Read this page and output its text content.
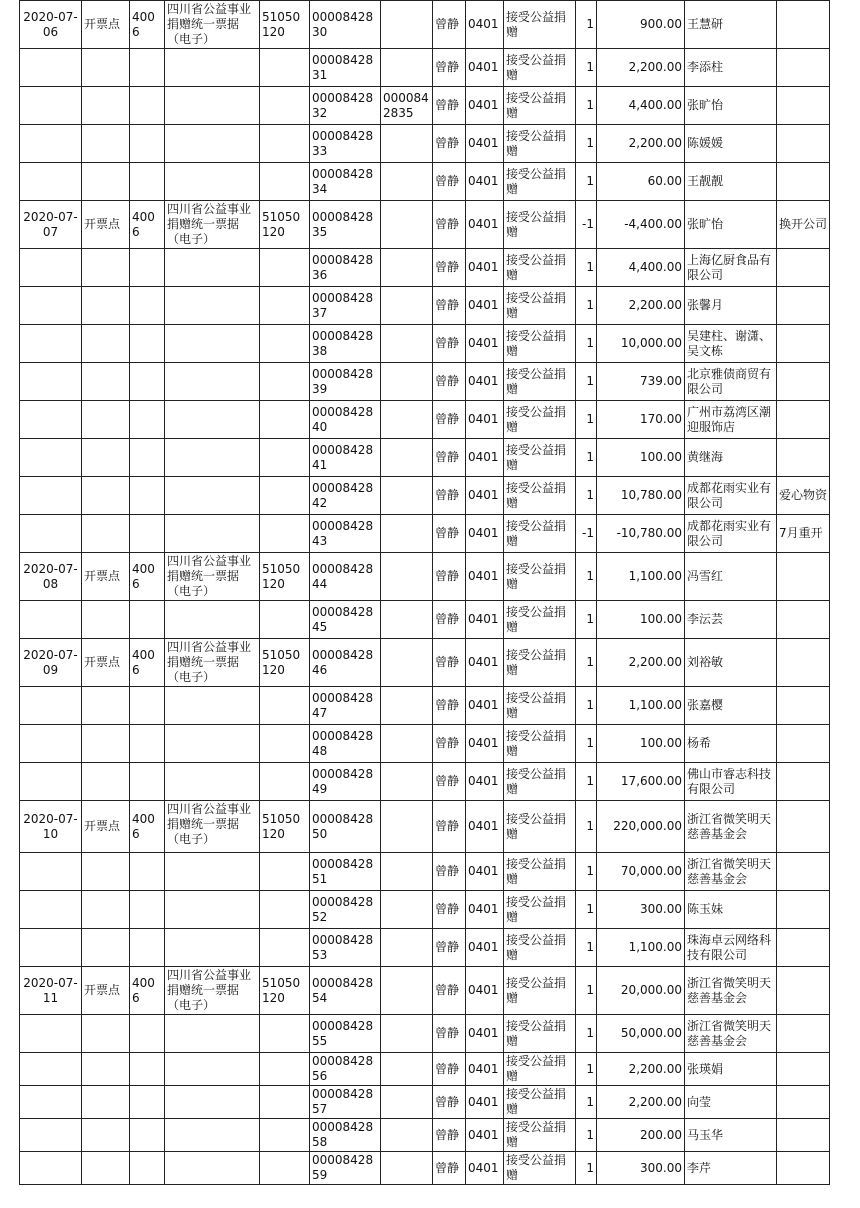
2020-07-06	开票点	4006	四川省公益事业捐赠统一票据（电子）	51050120	0000842830		曾静	0401	接受公益捐赠	1	900.00	王慧研	
					0000842831		曾静	0401	接受公益捐赠	1	2,200.00	李添柱	
					0000842832	0000842835	曾静	0401	接受公益捐赠	1	4,400.00	张旷怡	
					0000842833		曾静	0401	接受公益捐赠	1	2,200.00	陈媛媛	
					0000842834		曾静	0401	接受公益捐赠	1	60.00	王靓靓	
2020-07-07	开票点	4006	四川省公益事业捐赠统一票据（电子）	51050120	0000842835		曾静	0401	接受公益捐赠	-1	-4,400.00	张旷怡	换开公司
					0000842836		曾静	0401	接受公益捐赠	1	4,400.00	上海亿厨食品有限公司	
					0000842837		曾静	0401	接受公益捐赠	1	2,200.00	张馨月	
					0000842838		曾静	0401	接受公益捐赠	1	10,000.00	吴建柱、谢潇、吴文栋	
					0000842839		曾静	0401	接受公益捐赠	1	739.00	北京雅债商贸有限公司	
					0000842840		曾静	0401	接受公益捐赠	1	170.00	广州市荔湾区潮迎服饰店	
					0000842841		曾静	0401	接受公益捐赠	1	100.00	黄继海	
					0000842842		曾静	0401	接受公益捐赠	1	10,780.00	成都花雨实业有限公司	爱心物资
					0000842843		曾静	0401	接受公益捐赠	-1	-10,780.00	成都花雨实业有限公司	7月重开
2020-07-08	开票点	4006	四川省公益事业捐赠统一票据（电子）	51050120	0000842844		曾静	0401	接受公益捐赠	1	1,100.00	冯雪红	
					0000842845		曾静	0401	接受公益捐赠	1	100.00	李沄芸	
2020-07-09	开票点	4006	四川省公益事业捐赠统一票据（电子）	51050120	0000842846		曾静	0401	接受公益捐赠	1	2,200.00	刘裕敏	
					0000842847		曾静	0401	接受公益捐赠	1	1,100.00	张嘉樱	
					0000842848		曾静	0401	接受公益捐赠	1	100.00	杨希	
					0000842849		曾静	0401	接受公益捐赠	1	17,600.00	佛山市睿志科技有限公司	
2020-07-10	开票点	4006	四川省公益事业捐赠统一票据（电子）	51050120	0000842850		曾静	0401	接受公益捐赠	1	220,000.00	浙江省微笑明天慈善基金会	
					0000842851		曾静	0401	接受公益捐赠	1	70,000.00	浙江省微笑明天慈善基金会	
					0000842852		曾静	0401	接受公益捐赠	1	300.00	陈玉妹	
					0000842853		曾静	0401	接受公益捐赠	1	1,100.00	珠海卓云网络科技有限公司	
2020-07-11	开票点	4006	四川省公益事业捐赠统一票据（电子）	51050120	0000842854		曾静	0401	接受公益捐赠	1	20,000.00	浙江省微笑明天慈善基金会	
					0000842855		曾静	0401	接受公益捐赠	1	50,000.00	浙江省微笑明天慈善基金会	
					0000842856		曾静	0401	接受公益捐赠	1	2,200.00	张瑛娟	
					0000842857		曾静	0401	接受公益捐赠	1	2,200.00	向莹	
					0000842858		曾静	0401	接受公益捐赠	1	200.00	马玉华	
					0000842859		曾静	0401	接受公益捐赠	1	300.00	李芹	
